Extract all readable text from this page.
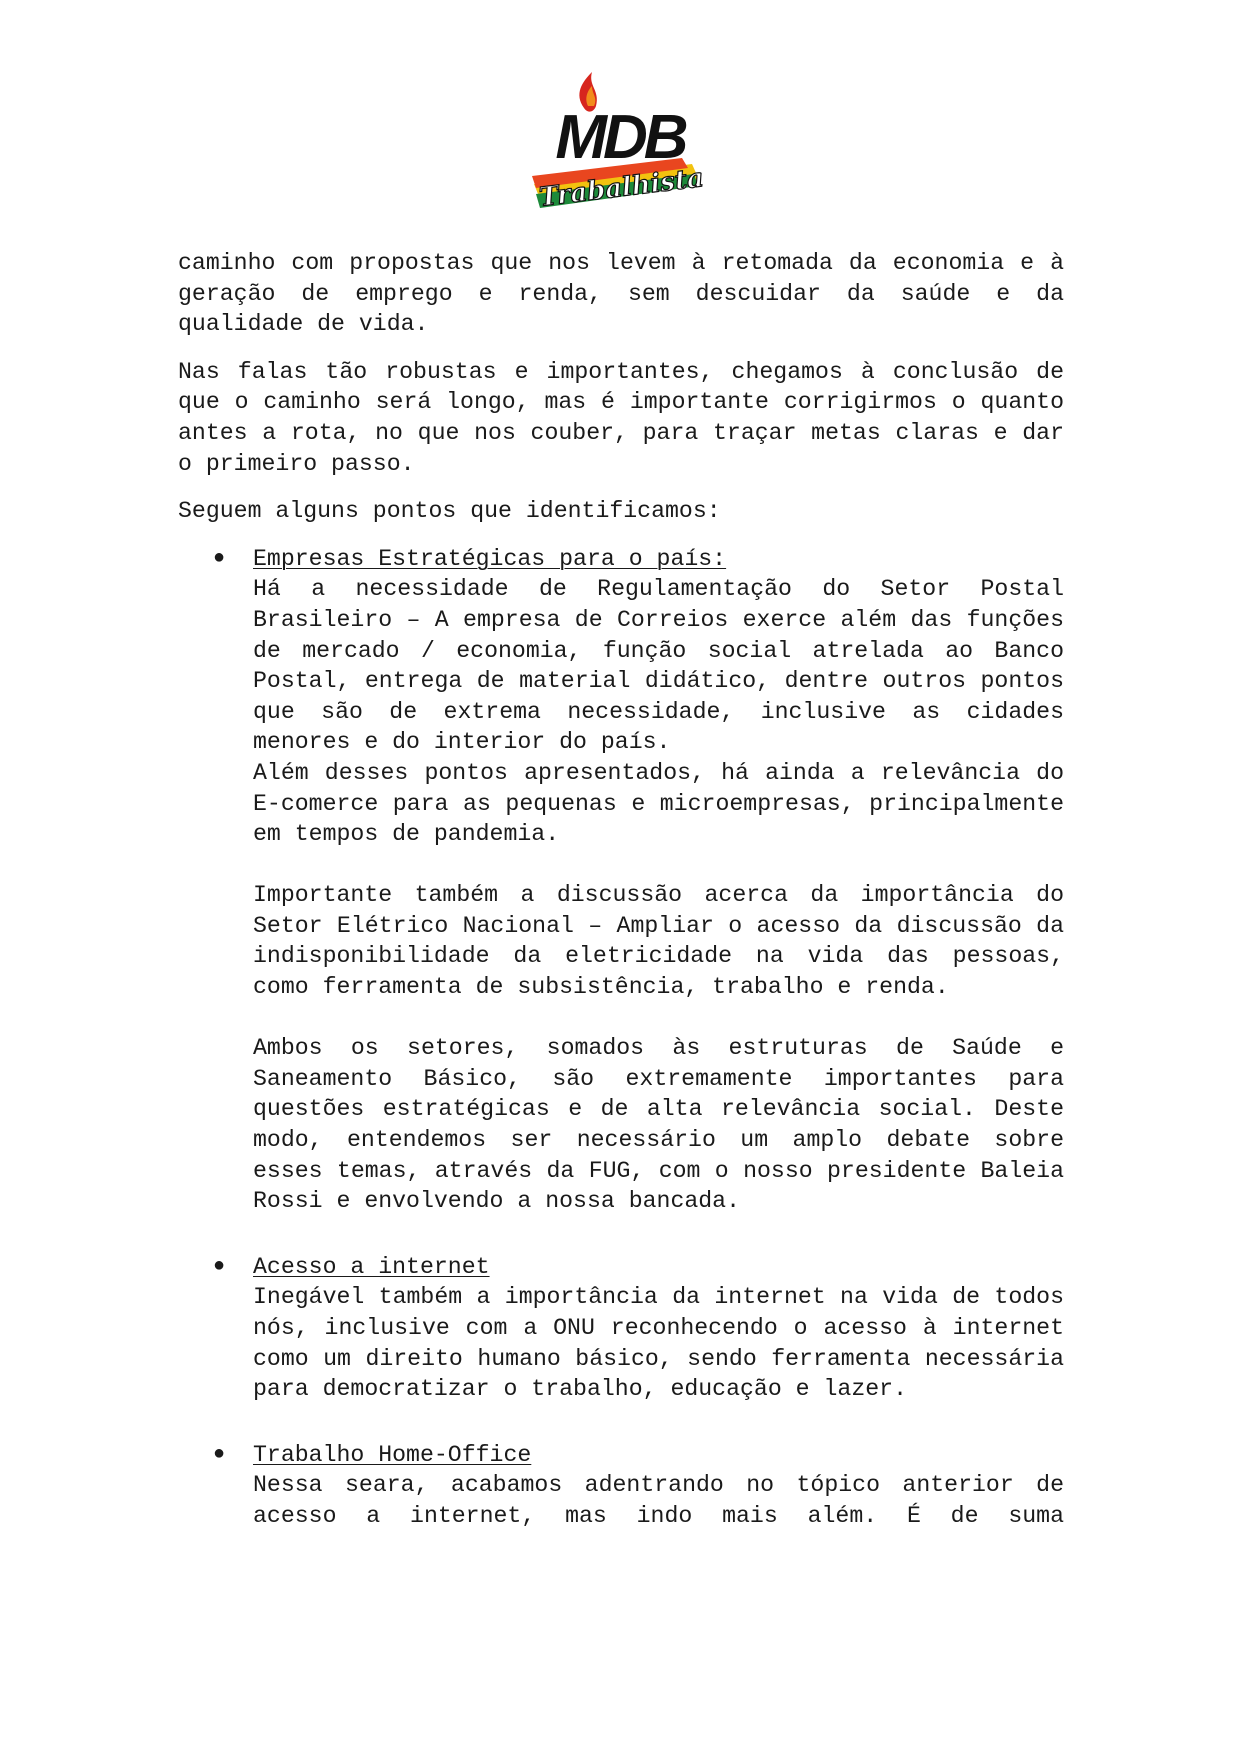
MDB
Trabalhista

caminho com propostas que nos levem à retomada da economia e à geração de emprego e renda, sem descuidar da saúde e da qualidade de vida.

Nas falas tão robustas e importantes, chegamos à conclusão de que o caminho será longo, mas é importante corrigirmos o quanto antes a rota, no que nos couber, para traçar metas claras e dar o primeiro passo.

Seguem alguns pontos que identificamos:

● Empresas Estratégicas para o país:
Há a necessidade de Regulamentação do Setor Postal Brasileiro – A empresa de Correios exerce além das funções de mercado / economia, função social atrelada ao Banco Postal, entrega de material didático, dentre outros pontos que são de extrema necessidade, inclusive as cidades menores e do interior do país.
Além desses pontos apresentados, há ainda a relevância do E-comerce para as pequenas e microempresas, principalmente em tempos de pandemia.
Importante também a discussão acerca da importância do Setor Elétrico Nacional – Ampliar o acesso da discussão da indisponibilidade da eletricidade na vida das pessoas, como ferramenta de subsistência, trabalho e renda.
Ambos os setores, somados às estruturas de Saúde e Saneamento Básico, são extremamente importantes para questões estratégicas e de alta relevância social. Deste modo, entendemos ser necessário um amplo debate sobre esses temas, através da FUG, com o nosso presidente Baleia Rossi e envolvendo a nossa bancada.
● Acesso a internet
Inegável também a importância da internet na vida de todos nós, inclusive com a ONU reconhecendo o acesso à internet como um direito humano básico, sendo ferramenta necessária para democratizar o trabalho, educação e lazer.
● Trabalho Home-Office
Nessa seara, acabamos adentrando no tópico anterior de acesso a internet, mas indo mais além. É de suma
